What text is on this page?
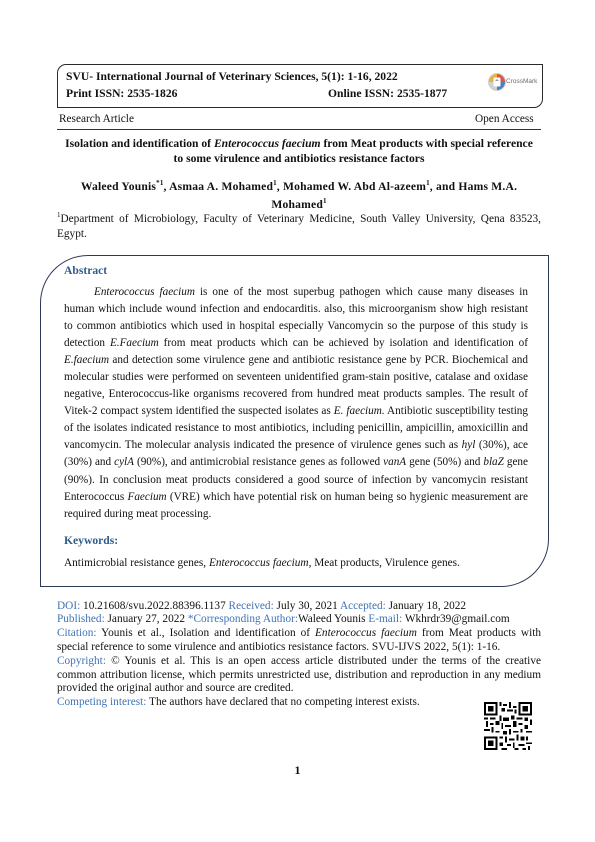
SVU- International Journal of Veterinary Sciences, 5(1): 1-16, 2022
Print ISSN: 2535-1826	Online ISSN: 2535-1877
CrossMark
Research Article	Open Access
Isolation and identification of Enterococcus faecium from Meat products with special reference to some virulence and antibiotics resistance factors
Waleed Younis$^{*1}$, Asmaa A. Mohamed$^1$, Mohamed W. Abd Al-azeem$^1$, and Hams M.A. Mohamed$^1$
$^1$Department of Microbiology, Faculty of Veterinary Medicine, South Valley University, Qena 83523, Egypt.
Abstract

Enterococcus faecium is one of the most superbug pathogen which cause many diseases in human which include wound infection and endocarditis. also, this microorganism show high resistant to common antibiotics which used in hospital especially Vancomycin so the purpose of this study is detection E.Faecium from meat products which can be achieved by isolation and identification of E.faecium and detection some virulence gene and antibiotic resistance gene by PCR. Biochemical and molecular studies were performed on seventeen unidentified gram-stain positive, catalase and oxidase negative, Enterococcus-like organisms recovered from hundred meat products samples. The result of Vitek-2 compact system identified the suspected isolates as E. faecium. Antibiotic susceptibility testing of the isolates indicated resistance to most antibiotics, including penicillin, ampicillin, amoxicillin and vancomycin. The molecular analysis indicated the presence of virulence genes such as hyl (30%), ace (30%) and cylA (90%), and antimicrobial resistance genes as followed vanA gene (50%) and blaZ gene (90%). In conclusion meat products considered a good source of infection by vancomycin resistant Enterococcus Faecium (VRE) which have potential risk on human being so hygienic measurement are required during meat processing.

Keywords:
Antimicrobial resistance genes, Enterococcus faecium, Meat products, Virulence genes.
DOI: 10.21608/svu.2022.88396.1137 Received: July 30, 2021 Accepted: January 18, 2022
Published: January 27, 2022 *Corresponding Author:Waleed Younis E-mail: Wkhrdr39@gmail.com
Citation: Younis et al., Isolation and identification of Enterococcus faecium from Meat products with special reference to some virulence and antibiotics resistance factors. SVU-IJVS 2022, 5(1): 1-16.
Copyright: © Younis et al. This is an open access article distributed under the terms of the creative common attribution license, which permits unrestricted use, distribution and reproduction in any medium provided the original author and source are credited.
Competing interest: The authors have declared that no competing interest exists.
1
